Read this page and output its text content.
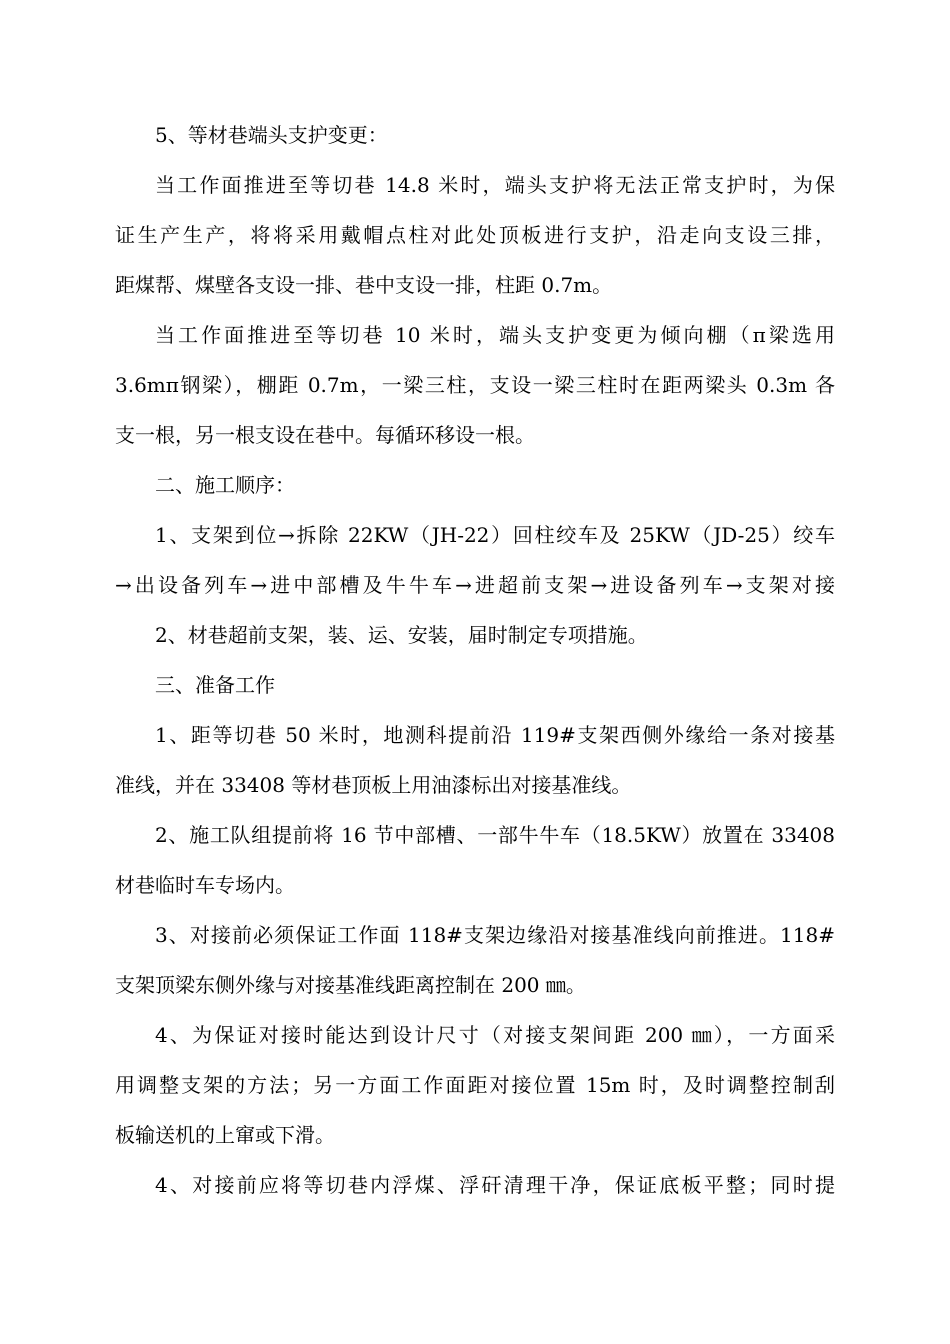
5、等材巷端头支护变更：
当工作面推进至等切巷 14.8 米时，端头支护将无法正常支护时，为保
证生产生产，将将采用戴帽点柱对此处顶板进行支护，沿走向支设三排，
距煤帮、煤壁各支设一排、巷中支设一排，柱距 0.7m。
当工作面推进至等切巷 10 米时，端头支护变更为倾向棚（π梁选用
3.6mπ钢梁），棚距 0.7m，一梁三柱，支设一梁三柱时在距两梁头 0.3m 各
支一根，另一根支设在巷中。每循环移设一根。
二、施工顺序：
1、支架到位→拆除 22KW（JH-22）回柱绞车及 25KW（JD-25）绞车
→出设备列车→进中部槽及牛牛车→进超前支架→进设备列车→支架对接
2、材巷超前支架，装、运、安装，届时制定专项措施。
三、准备工作
1、距等切巷 50 米时，地测科提前沿 119#支架西侧外缘给一条对接基
准线，并在 33408 等材巷顶板上用油漆标出对接基准线。
2、施工队组提前将 16 节中部槽、一部牛牛车（18.5KW）放置在 33408
材巷临时车专场内。
3、对接前必须保证工作面 118#支架边缘沿对接基准线向前推进。118#
支架顶梁东侧外缘与对接基准线距离控制在 200 ㎜。
4、为保证对接时能达到设计尺寸（对接支架间距 200 ㎜），一方面采
用调整支架的方法；另一方面工作面距对接位置 15m 时，及时调整控制刮
板输送机的上窜或下滑。
4、对接前应将等切巷内浮煤、浮矸清理干净，保证底板平整；同时提
